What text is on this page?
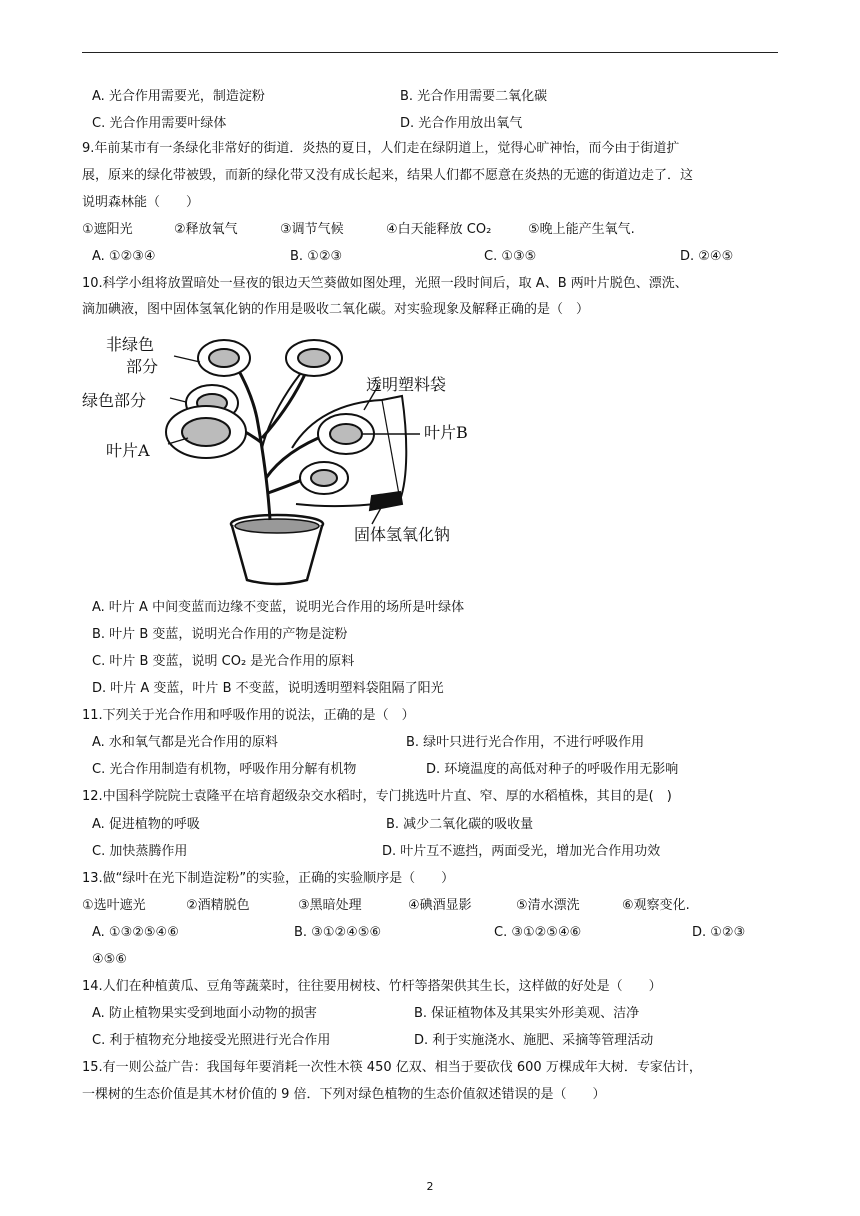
A. 光合作用需要光，制造淀粉	B. 光合作用需要二氧化碳
C. 光合作用需要叶绿体	D. 光合作用放出氧气
9.年前某市有一条绿化非常好的街道．炎热的夏日，人们走在绿阴道上，觉得心旷神怡，而今由于街道扩
展，原来的绿化带被毁，而新的绿化带又没有成长起来，结果人们都不愿意在炎热的无遮的街道边走了．这
说明森林能（　　）
①遮阳光	②释放氧气	③调节气候	④白天能释放 CO₂	⑤晚上能产生氧气.
A. ①②③④	B. ①②③	C. ①③⑤	D. ②④⑤
10.科学小组将放置暗处一昼夜的银边天竺葵做如图处理，光照一段时间后，取 A、B 两叶片脱色、漂洗、
滴加碘液，图中固体氢氧化钠的作用是吸收二氧化碳。对实验现象及解释正确的是（　）
非绿色
部分
绿色部分
叶片A
透明塑料袋
叶片B
固体氢氧化钠
A. 叶片 A 中间变蓝而边缘不变蓝，说明光合作用的场所是叶绿体
B. 叶片 B 变蓝，说明光合作用的产物是淀粉
C. 叶片 B 变蓝，说明 CO₂ 是光合作用的原料
D. 叶片 A 变蓝，叶片 B 不变蓝，说明透明塑料袋阻隔了阳光
11.下列关于光合作用和呼吸作用的说法，正确的是（　）
A. 水和氧气都是光合作用的原料	B. 绿叶只进行光合作用，不进行呼吸作用
C. 光合作用制造有机物，呼吸作用分解有机物	D. 环境温度的高低对种子的呼吸作用无影响
12.中国科学院院士袁隆平在培育超级杂交水稻时，专门挑选叶片直、窄、厚的水稻植株，其目的是(　)
A. 促进植物的呼吸	B. 减少二氧化碳的吸收量
C. 加快蒸腾作用	D. 叶片互不遮挡，两面受光，增加光合作用功效
13.做“绿叶在光下制造淀粉”的实验，正确的实验顺序是（　　）
①选叶遮光	②酒精脱色	③黑暗处理	④碘酒显影	⑤清水漂洗	⑥观察变化.
A. ①③②⑤④⑥	B. ③①②④⑤⑥	C. ③①②⑤④⑥	D. ①②③
④⑤⑥
14.人们在种植黄瓜、豆角等蔬菜时，往往要用树枝、竹杆等搭架供其生长，这样做的好处是（　　）
A. 防止植物果实受到地面小动物的损害	B. 保证植物体及其果实外形美观、洁净
C. 利于植物充分地接受光照进行光合作用	D. 利于实施浇水、施肥、采摘等管理活动
15.有一则公益广告：我国每年要消耗一次性木筷 450 亿双、相当于要砍伐 600 万棵成年大树．专家估计，
一棵树的生态价值是其木材价值的 9 倍．下列对绿色植物的生态价值叙述错误的是（　　）
2
